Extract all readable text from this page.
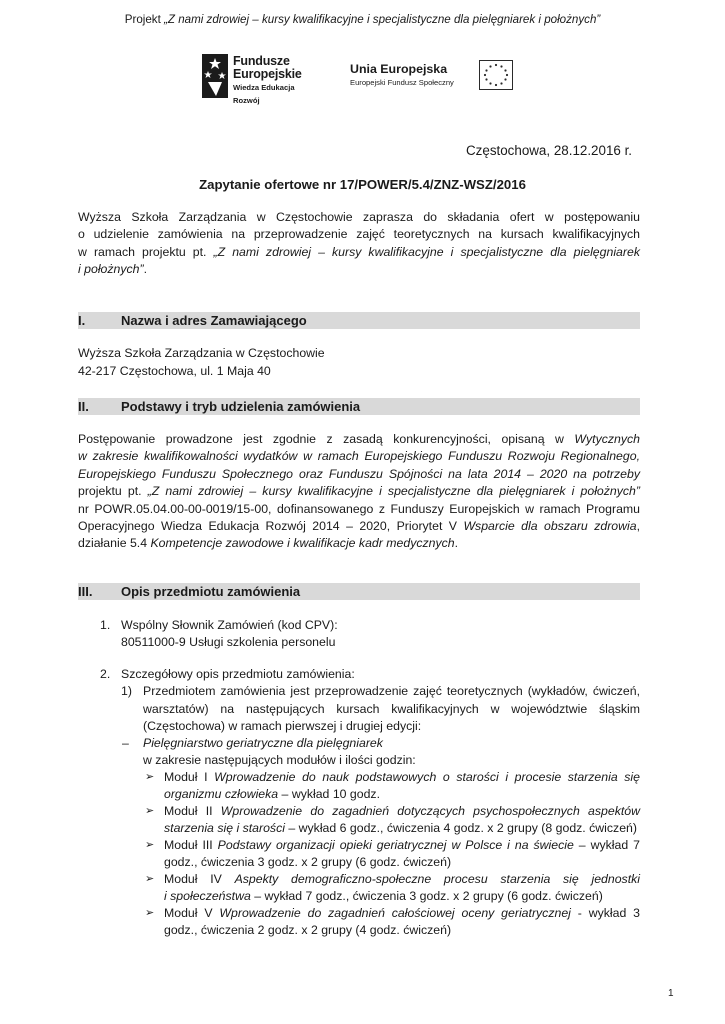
Projekt „Z nami zdrowiej – kursy kwalifikacyjne i specjalistyczne dla pielęgniarek i położnych”
Fundusze
Europejskie
Wiedza Edukacja Rozwój
Unia Europejska
Europejski Fundusz Społeczny
Częstochowa, 28.12.2016 r.
Zapytanie ofertowe nr 17/POWER/5.4/ZNZ-WSZ/2016
Wyższa Szkoła Zarządzania w Częstochowie zaprasza do składania ofert w postępowaniu
o udzielenie zamówienia na przeprowadzenie zajęć teoretycznych na kursach kwalifikacyjnych
w ramach projektu pt. „Z nami zdrowiej – kursy kwalifikacyjne i specjalistyczne dla pielęgniarek
i położnych”.
I.	Nazwa i adres Zamawiającego
Wyższa Szkoła Zarządzania w Częstochowie
42-217 Częstochowa, ul. 1 Maja 40
II. Podstawy i tryb udzielenia zamówienia
Postępowanie prowadzone jest zgodnie z zasadą konkurencyjności, opisaną w Wytycznych
w zakresie kwalifikowalności wydatków w ramach Europejskiego Funduszu Rozwoju Regionalnego,
Europejskiego Funduszu Społecznego oraz Funduszu Spójności na lata 2014 – 2020 na potrzeby
projektu pt. „Z nami zdrowiej – kursy kwalifikacyjne i specjalistyczne dla pielęgniarek i położnych”
nr POWR.05.04.00-00-0019/15-00, dofinansowanego z Funduszy Europejskich w ramach Programu
Operacyjnego Wiedza Edukacja Rozwój 2014 – 2020, Priorytet V Wsparcie dla obszaru zdrowia,
działanie 5.4 Kompetencje zawodowe i kwalifikacje kadr medycznych.
III. Opis przedmiotu zamówienia
1. Wspólny Słownik Zamówień (kod CPV):
80511000-9 Usługi szkolenia personelu
2. Szczegółowy opis przedmiotu zamówienia:
1) Przedmiotem zamówienia jest przeprowadzenie zajęć teoretycznych (wykładów, ćwiczeń,
warsztatów) na następujących kursach kwalifikacyjnych w województwie śląskim
(Częstochowa) w ramach pierwszej i drugiej edycji:
– Pielęgniarstwo geriatryczne dla pielęgniarek
w zakresie następujących modułów i ilości godzin:
➢ Moduł I Wprowadzenie do nauk podstawowych o starości i procesie starzenia się
organizmu człowieka – wykład 10 godz.
➢ Moduł II Wprowadzenie do zagadnień dotyczących psychospołecznych aspektów
starzenia się i starości – wykład 6 godz., ćwiczenia 4 godz. x 2 grupy (8 godz. ćwiczeń)
➢ Moduł III Podstawy organizacji opieki geriatrycznej w Polsce i na świecie – wykład 7
godz., ćwiczenia 3 godz. x 2 grupy (6 godz. ćwiczeń)
➢ Moduł IV Aspekty demograficzno-społeczne procesu starzenia się jednostki
i społeczeństwa – wykład 7 godz., ćwiczenia 3 godz. x 2 grupy (6 godz. ćwiczeń)
➢ Moduł V Wprowadzenie do zagadnień całościowej oceny geriatrycznej - wykład 3
godz., ćwiczenia 2 godz. x 2 grupy (4 godz. ćwiczeń)
1
